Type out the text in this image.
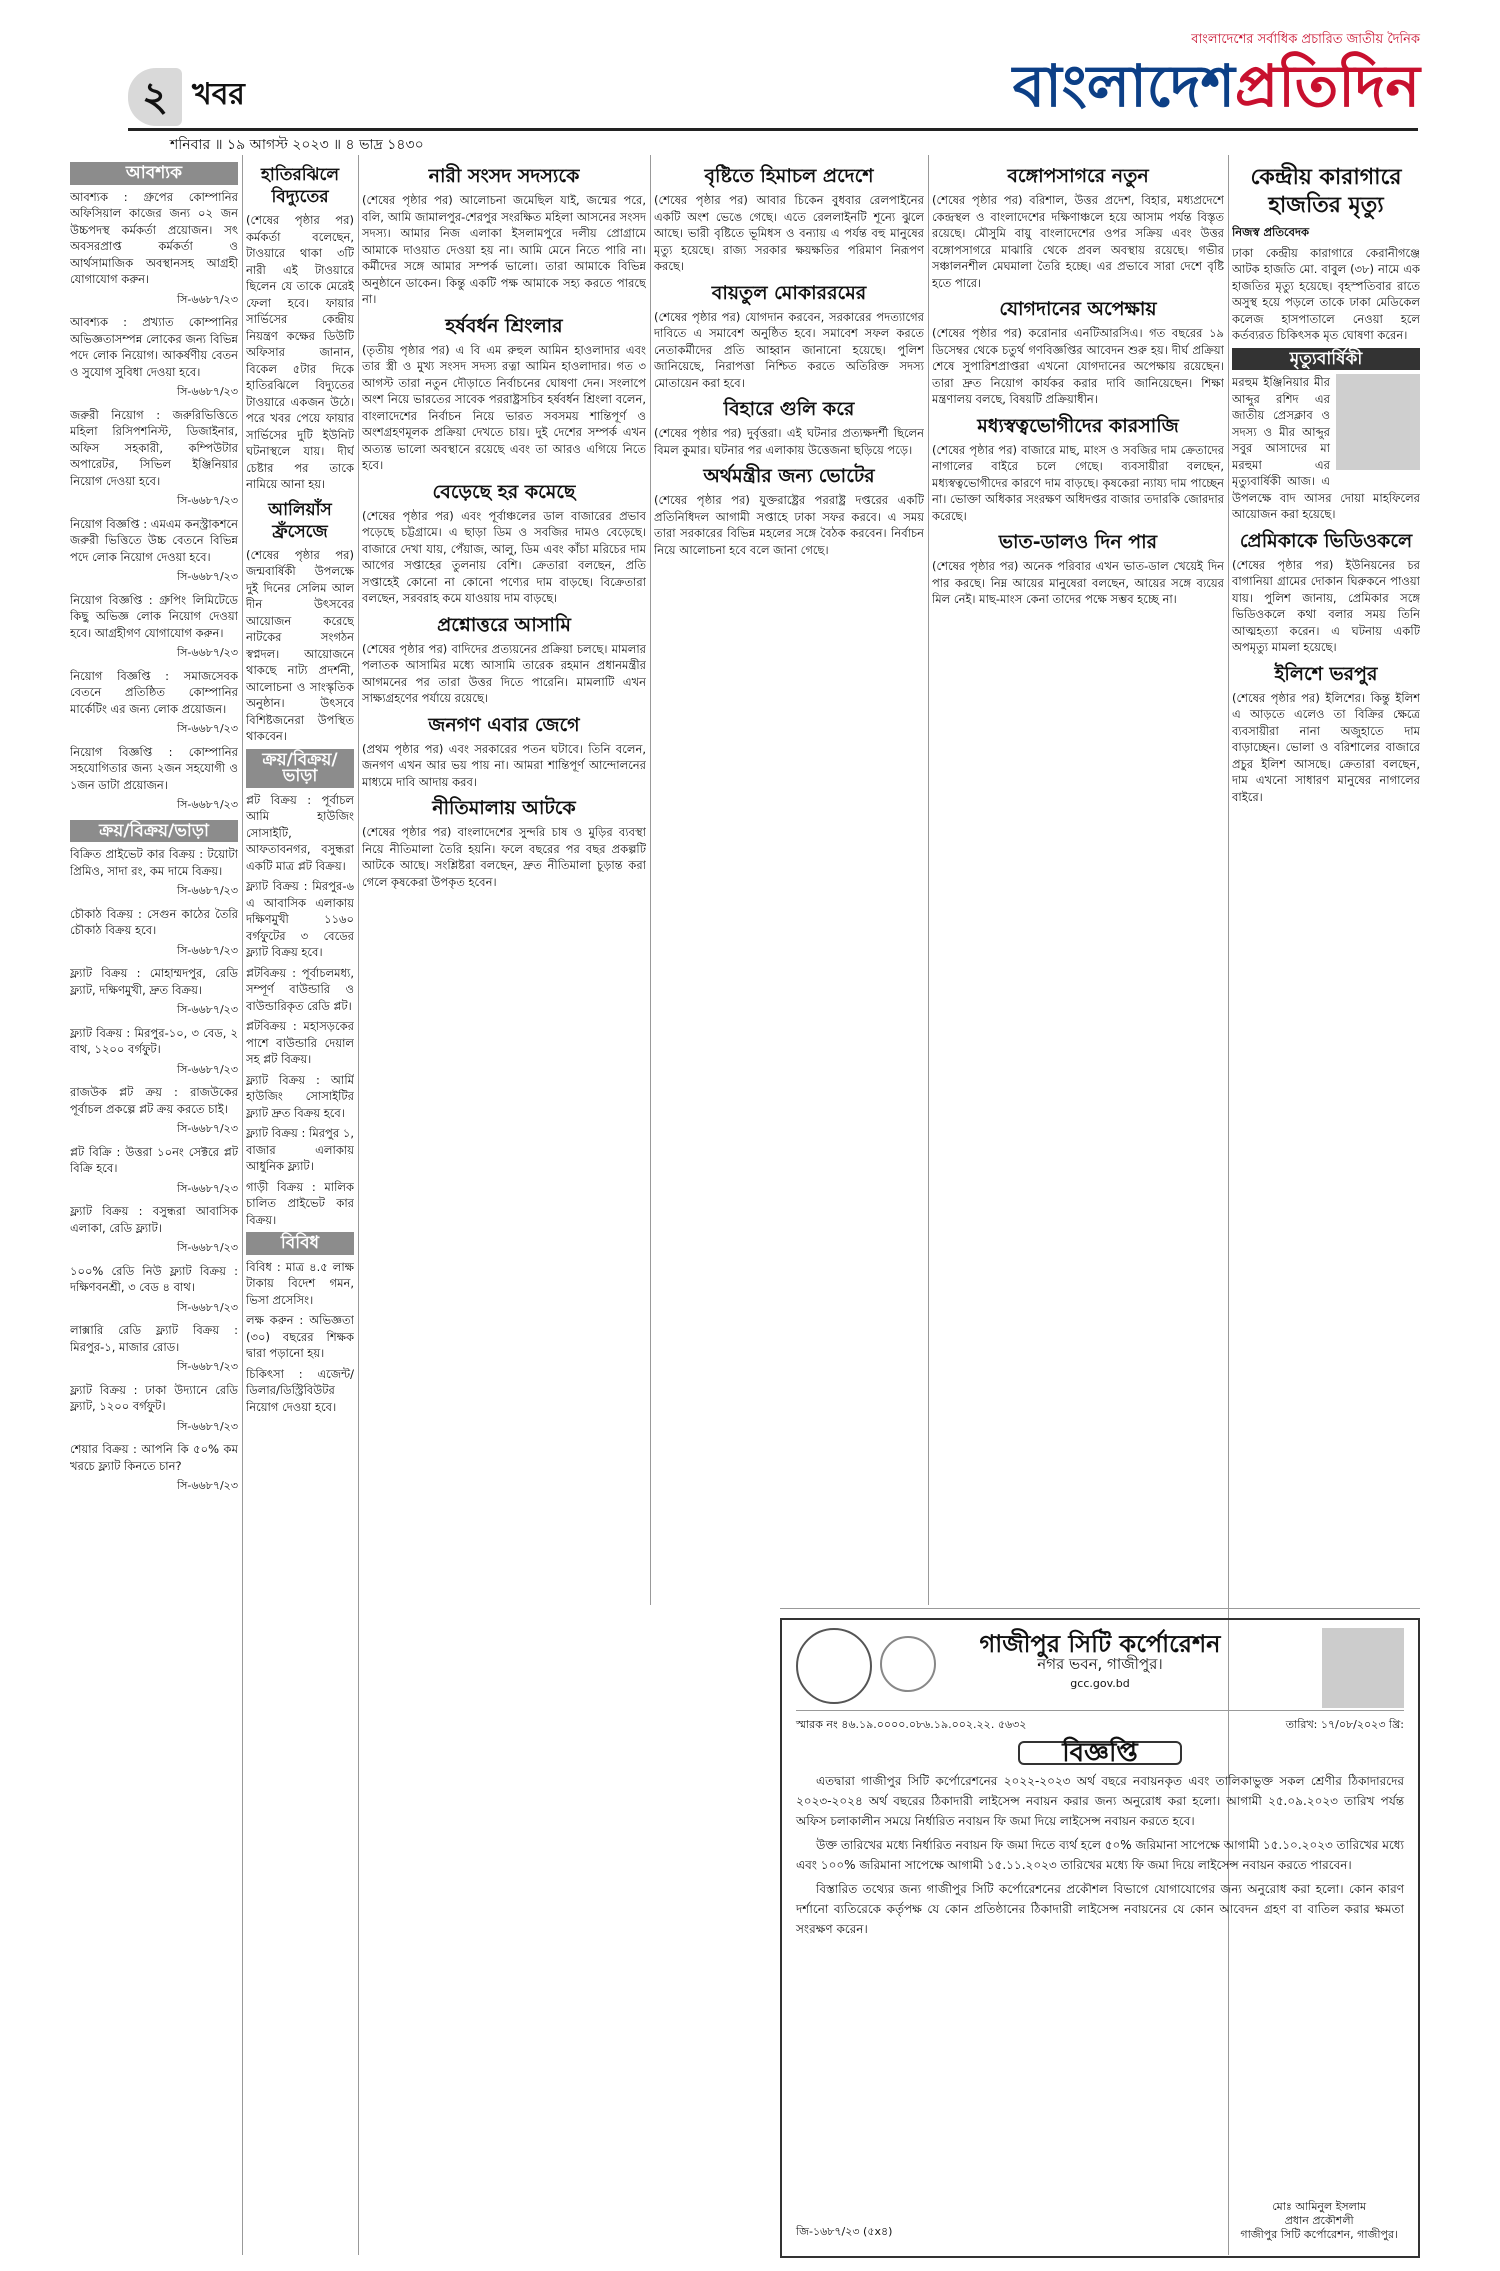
২ খবর
শনিবার ॥ ১৯ আগস্ট ২০২৩ ॥ ৪ ভাদ্র ১৪৩০
বাংলাদেশের সর্বাধিক প্রচারিত জাতীয় দৈনিক
বাংলাদেশপ্রতিদিন
আবশ্যক

আবশ্যক : গ্রুপের কোম্পানির অফিসিয়াল কাজের জন্য ০২ জন উচ্চপদস্থ কর্মকর্তা প্রয়োজন। সৎ অবসরপ্রাপ্ত কর্মকর্তা ও আর্থসামাজিক অবস্থানসহ আগ্রহী যোগাযোগ করুন।

সি-৬৬৮৭/২৩

আবশ্যক : প্রখ্যাত কোম্পানির অভিজ্ঞতাসম্পন্ন লোকের জন্য বিভিন্ন পদে লোক নিয়োগ। আকর্ষণীয় বেতন ও সুযোগ সুবিধা দেওয়া হবে।

সি-৬৬৮৭/২৩

জরুরী নিয়োগ : জরুরিভিত্তিতে মহিলা রিসিপশনিস্ট, ডিজাইনার, অফিস সহকারী, কম্পিউটার অপারেটর, সিভিল ইঞ্জিনিয়ার নিয়োগ দেওয়া হবে।

সি-৬৬৮৭/২৩

নিয়োগ বিজ্ঞপ্তি : এমএম কনস্ট্রাকশনে জরুরী ভিত্তিতে উচ্চ বেতনে বিভিন্ন পদে লোক নিয়োগ দেওয়া হবে।

সি-৬৬৮৭/২৩

নিয়োগ বিজ্ঞপ্তি : গ্রুপিং লিমিটেডে কিছু অভিজ্ঞ লোক নিয়োগ দেওয়া হবে। আগ্রহীগণ যোগাযোগ করুন।

সি-৬৬৮৭/২৩

নিয়োগ বিজ্ঞপ্তি : সমাজসেবক বেতনে প্রতিষ্ঠিত কোম্পানির মার্কেটিং এর জন্য লোক প্রয়োজন।

সি-৬৬৮৭/২৩

নিয়োগ বিজ্ঞপ্তি : কোম্পানির সহযোগিতার জন্য ২জন সহযোগী ও ১জন ডাটা প্রয়োজন।

সি-৬৬৮৭/২৩
ক্রয়/বিক্রয়/ভাড়া

বিক্রিত প্রাইভেট কার বিক্রয় : টয়োটা প্রিমিও, সাদা রং, কম দামে বিক্রয়।

সি-৬৬৮৭/২৩

চৌকাঠ বিক্রয় : সেগুন কাঠের তৈরি চৌকাঠ বিক্রয় হবে।

সি-৬৬৮৭/২৩

ফ্ল্যাট বিক্রয় : মোহাম্মদপুর, রেডি ফ্ল্যাট, দক্ষিণমুখী, দ্রুত বিক্রয়।

সি-৬৬৮৭/২৩

ফ্ল্যাট বিক্রয় : মিরপুর-১০, ৩ বেড, ২ বাথ, ১২০০ বর্গফুট।

সি-৬৬৮৭/২৩

রাজউক প্লট ক্রয় : রাজউকের পূর্বাচল প্রকল্পে প্লট ক্রয় করতে চাই।

সি-৬৬৮৭/২৩

প্লট বিক্রি : উত্তরা ১০নং সেক্টরে প্লট বিক্রি হবে।

সি-৬৬৮৭/২৩

ফ্ল্যাট বিক্রয় : বসুন্ধরা আবাসিক এলাকা, রেডি ফ্ল্যাট।

সি-৬৬৮৭/২৩

১০০% রেডি নিউ ফ্ল্যাট বিক্রয় : দক্ষিণবনশ্রী, ৩ বেড ৪ বাথ।

সি-৬৬৮৭/২৩

লাক্সারি রেডি ফ্ল্যাট বিক্রয় : মিরপুর-১, মাজার রোড।

সি-৬৬৮৭/২৩

ফ্ল্যাট বিক্রয় : ঢাকা উদ্যানে রেডি ফ্ল্যাট, ১২০০ বর্গফুট।

সি-৬৬৮৭/২৩

শেয়ার বিক্রয় : আপনি কি ৫০% কম খরচে ফ্ল্যাট কিনতে চান?

সি-৬৬৮৭/২৩
হাতিরঝিলে বিদ্যুতের

(শেষের পৃষ্ঠার পর) কর্মকর্তা বলেছেন, টাওয়ারে থাকা ৩টি নারী এই টাওয়ারে ছিলেন যে তাকে মেরেই ফেলা হবে। ফায়ার সার্ভিসের কেন্দ্রীয় নিয়ন্ত্রণ কক্ষের ডিউটি অফিসার জানান, বিকেল ৫টার দিকে হাতিরঝিলে বিদ্যুতের টাওয়ারে একজন উঠে। পরে খবর পেয়ে ফায়ার সার্ভিসের দুটি ইউনিট ঘটনাস্থলে যায়। দীর্ঘ চেষ্টার পর তাকে নামিয়ে আনা হয়।

আলিয়াঁস ফ্রঁসেজে

(শেষের পৃষ্ঠার পর) জন্মবার্ষিকী উপলক্ষে দুই দিনের সেলিম আল দীন উৎসবের আয়োজন করেছে নাটকের সংগঠন স্বপ্নদল। আয়োজনে থাকছে নাট্য প্রদর্শনী, আলোচনা ও সাংস্কৃতিক অনুষ্ঠান। উৎসবে বিশিষ্টজনেরা উপস্থিত থাকবেন।

ক্রয়/বিক্রয়/ভাড়া

প্লট বিক্রয় : পূর্বাচল আমি হাউজিং সোসাইটি, আফতাবনগর, বসুন্ধরা একটি মাত্র প্লট বিক্রয়।

ফ্ল্যাট বিক্রয় : মিরপুর-৬ এ আবাসিক এলাকায় দক্ষিণমুখী ১১৬০ বর্গফুটের ৩ বেডের ফ্ল্যাট বিক্রয় হবে।

প্লটবিক্রয় : পূর্বাচলমধ্য, সম্পূর্ণ বাউন্ডারি ও বাউন্ডারিকৃত রেডি প্লট।

প্লটবিক্রয় : মহাসড়কের পাশে বাউন্ডারি দেয়াল সহ প্লট বিক্রয়।

ফ্ল্যাট বিক্রয় : আর্মি হাউজিং সোসাইটির ফ্ল্যাট দ্রুত বিক্রয় হবে।

ফ্ল্যাট বিক্রয় : মিরপুর ১, বাজার এলাকায় আধুনিক ফ্ল্যাট।

গাড়ী বিক্রয় : মালিক চালিত প্রাইভেট কার বিক্রয়।

বিবিধ

বিবিধ : মাত্র ৪.৫ লাক্ষ টাকায় বিদেশ গমন, ভিসা প্রসেসিং।

লক্ষ করুন : অভিজ্ঞতা (৩০) বছরের শিক্ষক দ্বারা পড়ানো হয়।

চিকিৎসা : এজেন্ট/ডিলার/ডিস্ট্রিবিউটর নিয়োগ দেওয়া হবে।

নারী সংসদ সদস্যকে

(শেষের পৃষ্ঠার পর) আলোচনা জমেছিল যাই, জন্মের পরে, বলি, আমি জামালপুর-শেরপুর সংরক্ষিত মহিলা আসনের সংসদ সদস্য। আমার নিজ এলাকা ইসলামপুরে দলীয় প্রোগ্রামে আমাকে দাওয়াত দেওয়া হয় না। আমি মেনে নিতে পারি না। কর্মীদের সঙ্গে আমার সম্পর্ক ভালো। তারা আমাকে বিভিন্ন অনুষ্ঠানে ডাকেন। কিন্তু একটি পক্ষ আমাকে সহ্য করতে পারছে না।

হর্ষবর্ধন শ্রিংলার

(তৃতীয় পৃষ্ঠার পর) এ বি এম রুহুল আমিন হাওলাদার এবং তার স্ত্রী ও মুখ্য সংসদ সদস্য রত্না আমিন হাওলাদার। গত ৩ আগস্ট তারা নতুন দৌড়াতে নির্বাচনের ঘোষণা দেন। সংলাপে অংশ নিয়ে ভারতের সাবেক পররাষ্ট্রসচিব হর্ষবর্ধন শ্রিংলা বলেন, বাংলাদেশের নির্বাচন নিয়ে ভারত সবসময় শান্তিপূর্ণ ও অংশগ্রহণমূলক প্রক্রিয়া দেখতে চায়। দুই দেশের সম্পর্ক এখন অত্যন্ত ভালো অবস্থানে রয়েছে এবং তা আরও এগিয়ে নিতে হবে।

বেড়েছে হর কমেছে

(শেষের পৃষ্ঠার পর) এবং পূর্বাঞ্চলের ডাল বাজারের প্রভাব পড়েছে চট্টগ্রামে। এ ছাড়া ডিম ও সবজির দামও বেড়েছে। বাজারে দেখা যায়, পেঁয়াজ, আলু, ডিম এবং কাঁচা মরিচের দাম আগের সপ্তাহের তুলনায় বেশি। ক্রেতারা বলছেন, প্রতি সপ্তাহেই কোনো না কোনো পণ্যের দাম বাড়ছে। বিক্রেতারা বলছেন, সরবরাহ কমে যাওয়ায় দাম বাড়ছে।

প্রশ্নোত্তরে আসামি

(শেষের পৃষ্ঠার পর) বাদিদের প্রত্যয়নের প্রক্রিয়া চলছে। মামলার পলাতক আসামির মধ্যে আসামি তারেক রহমান প্রধানমন্ত্রীর আগমনের পর তারা উত্তর দিতে পারেনি। মামলাটি এখন সাক্ষ্যগ্রহণের পর্যায়ে রয়েছে।

জনগণ এবার জেগে

(প্রথম পৃষ্ঠার পর) এবং সরকারের পতন ঘটাবে। তিনি বলেন, জনগণ এখন আর ভয় পায় না। আমরা শান্তিপূর্ণ আন্দোলনের মাধ্যমে দাবি আদায় করব।

নীতিমালায় আটকে

(শেষের পৃষ্ঠার পর) বাংলাদেশের সুন্দরি চাষ ও মুড়ির ব্যবস্থা নিয়ে নীতিমালা তৈরি হয়নি। ফলে বছরের পর বছর প্রকল্পটি আটকে আছে। সংশ্লিষ্টরা বলছেন, দ্রুত নীতিমালা চূড়ান্ত করা গেলে কৃষকেরা উপকৃত হবেন।

বৃষ্টিতে হিমাচল প্রদেশে

(শেষের পৃষ্ঠার পর) আবার চিকেন বুধবার রেলপাইনের একটি অংশ ভেঙে গেছে। এতে রেললাইনটি শূন্যে ঝুলে আছে। ভারী বৃষ্টিতে ভূমিধস ও বন্যায় এ পর্যন্ত বহু মানুষের মৃত্যু হয়েছে। রাজ্য সরকার ক্ষয়ক্ষতির পরিমাণ নিরূপণ করছে।

বায়তুল মোকাররমের

(শেষের পৃষ্ঠার পর) যোগদান করবেন, সরকারের পদত্যাগের দাবিতে এ সমাবেশ অনুষ্ঠিত হবে। সমাবেশ সফল করতে নেতাকর্মীদের প্রতি আহ্বান জানানো হয়েছে। পুলিশ জানিয়েছে, নিরাপত্তা নিশ্চিত করতে অতিরিক্ত সদস্য মোতায়েন করা হবে।

বিহারে গুলি করে

(শেষের পৃষ্ঠার পর) দুর্বৃত্তরা। এই ঘটনার প্রত্যক্ষদর্শী ছিলেন বিমল কুমার। ঘটনার পর এলাকায় উত্তেজনা ছড়িয়ে পড়ে।

অর্থমন্ত্রীর জন্য ভোটের

(শেষের পৃষ্ঠার পর) যুক্তরাষ্ট্রের পররাষ্ট্র দপ্তরের একটি প্রতিনিধিদল আগামী সপ্তাহে ঢাকা সফর করবে। এ সময় তারা সরকারের বিভিন্ন মহলের সঙ্গে বৈঠক করবেন। নির্বাচন নিয়ে আলোচনা হবে বলে জানা গেছে।

বঙ্গোপসাগরে নতুন

(শেষের পৃষ্ঠার পর) বরিশাল, উত্তর প্রদেশ, বিহার, মধ্যপ্রদেশে কেন্দ্রস্থল ও বাংলাদেশের দক্ষিণাঞ্চলে হয়ে আসাম পর্যন্ত বিস্তৃত রয়েছে। মৌসুমি বায়ু বাংলাদেশের ওপর সক্রিয় এবং উত্তর বঙ্গোপসাগরে মাঝারি থেকে প্রবল অবস্থায় রয়েছে। গভীর সঞ্চালনশীল মেঘমালা তৈরি হচ্ছে। এর প্রভাবে সারা দেশে বৃষ্টি হতে পারে।

যোগদানের অপেক্ষায়

(শেষের পৃষ্ঠার পর) করোনার এনটিআরসিএ। গত বছরের ১৯ ডিসেম্বর থেকে চতুর্থ গণবিজ্ঞপ্তির আবেদন শুরু হয়। দীর্ঘ প্রক্রিয়া শেষে সুপারিশপ্রাপ্তরা এখনো যোগদানের অপেক্ষায় রয়েছেন। তারা দ্রুত নিয়োগ কার্যকর করার দাবি জানিয়েছেন। শিক্ষা মন্ত্রণালয় বলছে, বিষয়টি প্রক্রিয়াধীন।

মধ্যস্বত্বভোগীদের কারসাজি

(শেষের পৃষ্ঠার পর) বাজারে মাছ, মাংস ও সবজির দাম ক্রেতাদের নাগালের বাইরে চলে গেছে। ব্যবসায়ীরা বলছেন, মধ্যস্বত্বভোগীদের কারণে দাম বাড়ছে। কৃষকেরা ন্যায্য দাম পাচ্ছেন না। ভোক্তা অধিকার সংরক্ষণ অধিদপ্তর বাজার তদারকি জোরদার করেছে।

ভাত-ডালও দিন পার

(শেষের পৃষ্ঠার পর) অনেক পরিবার এখন ভাত-ডাল খেয়েই দিন পার করছে। নিম্ন আয়ের মানুষেরা বলছেন, আয়ের সঙ্গে ব্যয়ের মিল নেই। মাছ-মাংস কেনা তাদের পক্ষে সম্ভব হচ্ছে না।

কেন্দ্রীয় কারাগারে হাজতির মৃত্যু

নিজস্ব প্রতিবেদক

ঢাকা কেন্দ্রীয় কারাগারে কেরানীগঞ্জে আটক হাজতি মো. বাবুল (৩৮) নামে এক হাজতির মৃত্যু হয়েছে। বৃহস্পতিবার রাতে অসুস্থ হয়ে পড়লে তাকে ঢাকা মেডিকেল কলেজ হাসপাতালে নেওয়া হলে কর্তব্যরত চিকিৎসক মৃত ঘোষণা করেন।

মৃত্যুবার্ষিকী

মরহুম ইঞ্জিনিয়ার মীর আব্দুর রশিদ এর জাতীয় প্রেসক্লাব ও সদস্য ও মীর আব্দুর সবুর আসাদের মা মরহুমা এর মৃত্যুবার্ষিকী আজ। এ উপলক্ষে বাদ আসর দোয়া মাহফিলের আয়োজন করা হয়েছে।

প্রেমিকাকে ভিডিওকলে

(শেষের পৃষ্ঠার পর) ইউনিয়নের চর বাগানিয়া গ্রামের দোকান ঘিরুকনে পাওয়া যায়। পুলিশ জানায়, প্রেমিকার সঙ্গে ভিডিওকলে কথা বলার সময় তিনি আত্মহত্যা করেন। এ ঘটনায় একটি অপমৃত্যু মামলা হয়েছে।

ইলিশে ভরপুর

(শেষের পৃষ্ঠার পর) ইলিশের। কিন্তু ইলিশ এ আড়তে এলেও তা বিক্রির ক্ষেত্রে ব্যবসায়ীরা নানা অজুহাতে দাম বাড়াচ্ছেন। ভোলা ও বরিশালের বাজারে প্রচুর ইলিশ আসছে। ক্রেতারা বলছেন, দাম এখনো সাধারণ মানুষের নাগালের বাইরে।

গাজীপুর সিটি কর্পোরেশন
নগর ভবন, গাজীপুর।
gcc.gov.bd
স্মারক নং ৪৬.১৯.০০০০.০৮৬.১৯.০০২.২২. ৫৬৩২	তারিখ: ১৭/০৮/২০২৩ খ্রি:
বিজ্ঞপ্তি

এতদ্বারা গাজীপুর সিটি কর্পোরেশনের ২০২২-২০২৩ অর্থ বছরে নবায়নকৃত এবং তালিকাভুক্ত সকল শ্রেণীর ঠিকাদারদের ২০২৩-২০২৪ অর্থ বছরের ঠিকাদারী লাইসেন্স নবায়ন করার জন্য অনুরোধ করা হলো। আগামী ২৫.০৯.২০২৩ তারিখ পর্যন্ত অফিস চলাকালীন সময়ে নির্ধারিত নবায়ন ফি জমা দিয়ে লাইসেন্স নবায়ন করতে হবে।

উক্ত তারিখের মধ্যে নির্ধারিত নবায়ন ফি জমা দিতে ব্যর্থ হলে ৫০% জরিমানা সাপেক্ষে আগামী ১৫.১০.২০২৩ তারিখের মধ্যে এবং ১০০% জরিমানা সাপেক্ষে আগামী ১৫.১১.২০২৩ তারিখের মধ্যে ফি জমা দিয়ে লাইসেন্স নবায়ন করতে পারবেন।

বিস্তারিত তথ্যের জন্য গাজীপুর সিটি কর্পোরেশনের প্রকৌশল বিভাগে যোগাযোগের জন্য অনুরোধ করা হলো। কোন কারণ দর্শানো ব্যতিরেকে কর্তৃপক্ষ যে কোন প্রতিষ্ঠানের ঠিকাদারী লাইসেন্স নবায়নের যে কোন আবেদন গ্রহণ বা বাতিল করার ক্ষমতা সংরক্ষণ করেন।

জি-১৬৮৭/২৩ (৫x৪)
মোঃ আমিনুল ইসলাম
প্রধান প্রকৌশলী
গাজীপুর সিটি কর্পোরেশন, গাজীপুর।
